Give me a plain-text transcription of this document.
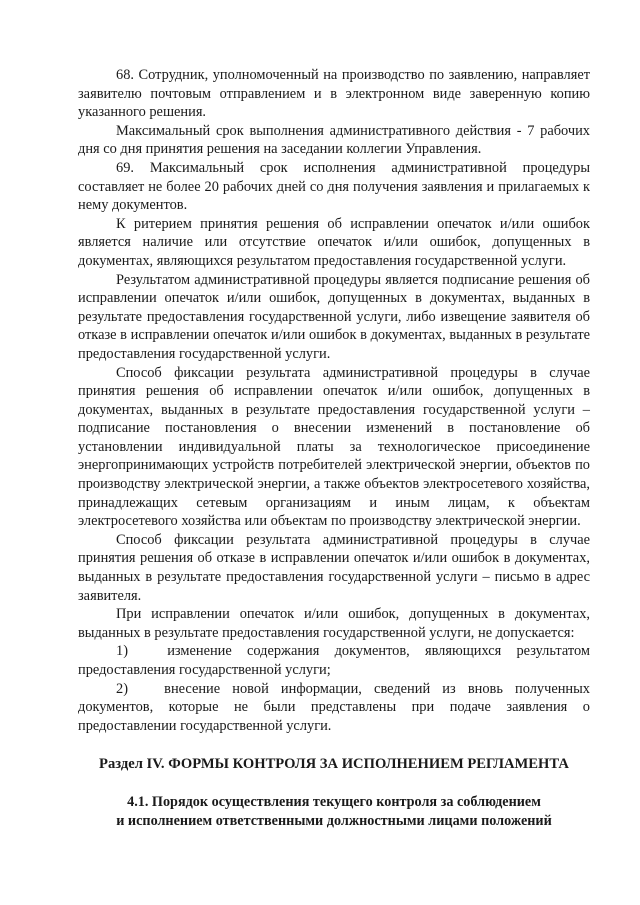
68. Сотрудник, уполномоченный на производство по заявлению, направляет заявителю почтовым отправлением и в электронном виде заверенную копию указанного решения.

Максимальный срок выполнения административного действия - 7 рабочих дня со дня принятия решения на заседании коллегии Управления.

69. Максимальный срок исполнения административной процедуры составляет не более 20 рабочих дней со дня получения заявления и прилагаемых к нему документов.

К ритерием принятия решения об исправлении опечаток и/или ошибок является наличие или отсутствие опечаток и/или ошибок, допущенных в документах, являющихся результатом предоставления государственной услуги.

Результатом административной процедуры является подписание решения об исправлении опечаток и/или ошибок, допущенных в документах, выданных в результате предоставления государственной услуги, либо извещение заявителя об отказе в исправлении опечаток и/или ошибок в документах, выданных в результате предоставления государственной услуги.

Способ фиксации результата административной процедуры в случае принятия решения об исправлении опечаток и/или ошибок, допущенных в документах, выданных в результате предоставления государственной услуги – подписание постановления о внесении изменений в постановление об установлении индивидуальной платы за технологическое присоединение энергопринимающих устройств потребителей электрической энергии, объектов по производству электрической энергии, а также объектов электросетевого хозяйства, принадлежащих сетевым организациям и иным лицам, к объектам электросетевого хозяйства или объектам по производству электрической энергии.

Способ фиксации результата административной процедуры в случае принятия решения об отказе в исправлении опечаток и/или ошибок в документах, выданных в результате предоставления государственной услуги – письмо в адрес заявителя.

При исправлении опечаток и/или ошибок, допущенных в документах, выданных в результате предоставления государственной услуги, не допускается:

1)	изменение содержания документов, являющихся результатом предоставления государственной услуги;

2)	внесение новой информации, сведений из вновь полученных документов, которые не были представлены при подаче заявления о предоставлении государственной услуги.

Раздел IV. ФОРМЫ КОНТРОЛЯ ЗА ИСПОЛНЕНИЕМ РЕГЛАМЕНТА
4.1. Порядок осуществления текущего контроля за соблюдением
и исполнением ответственными должностными лицами положений
